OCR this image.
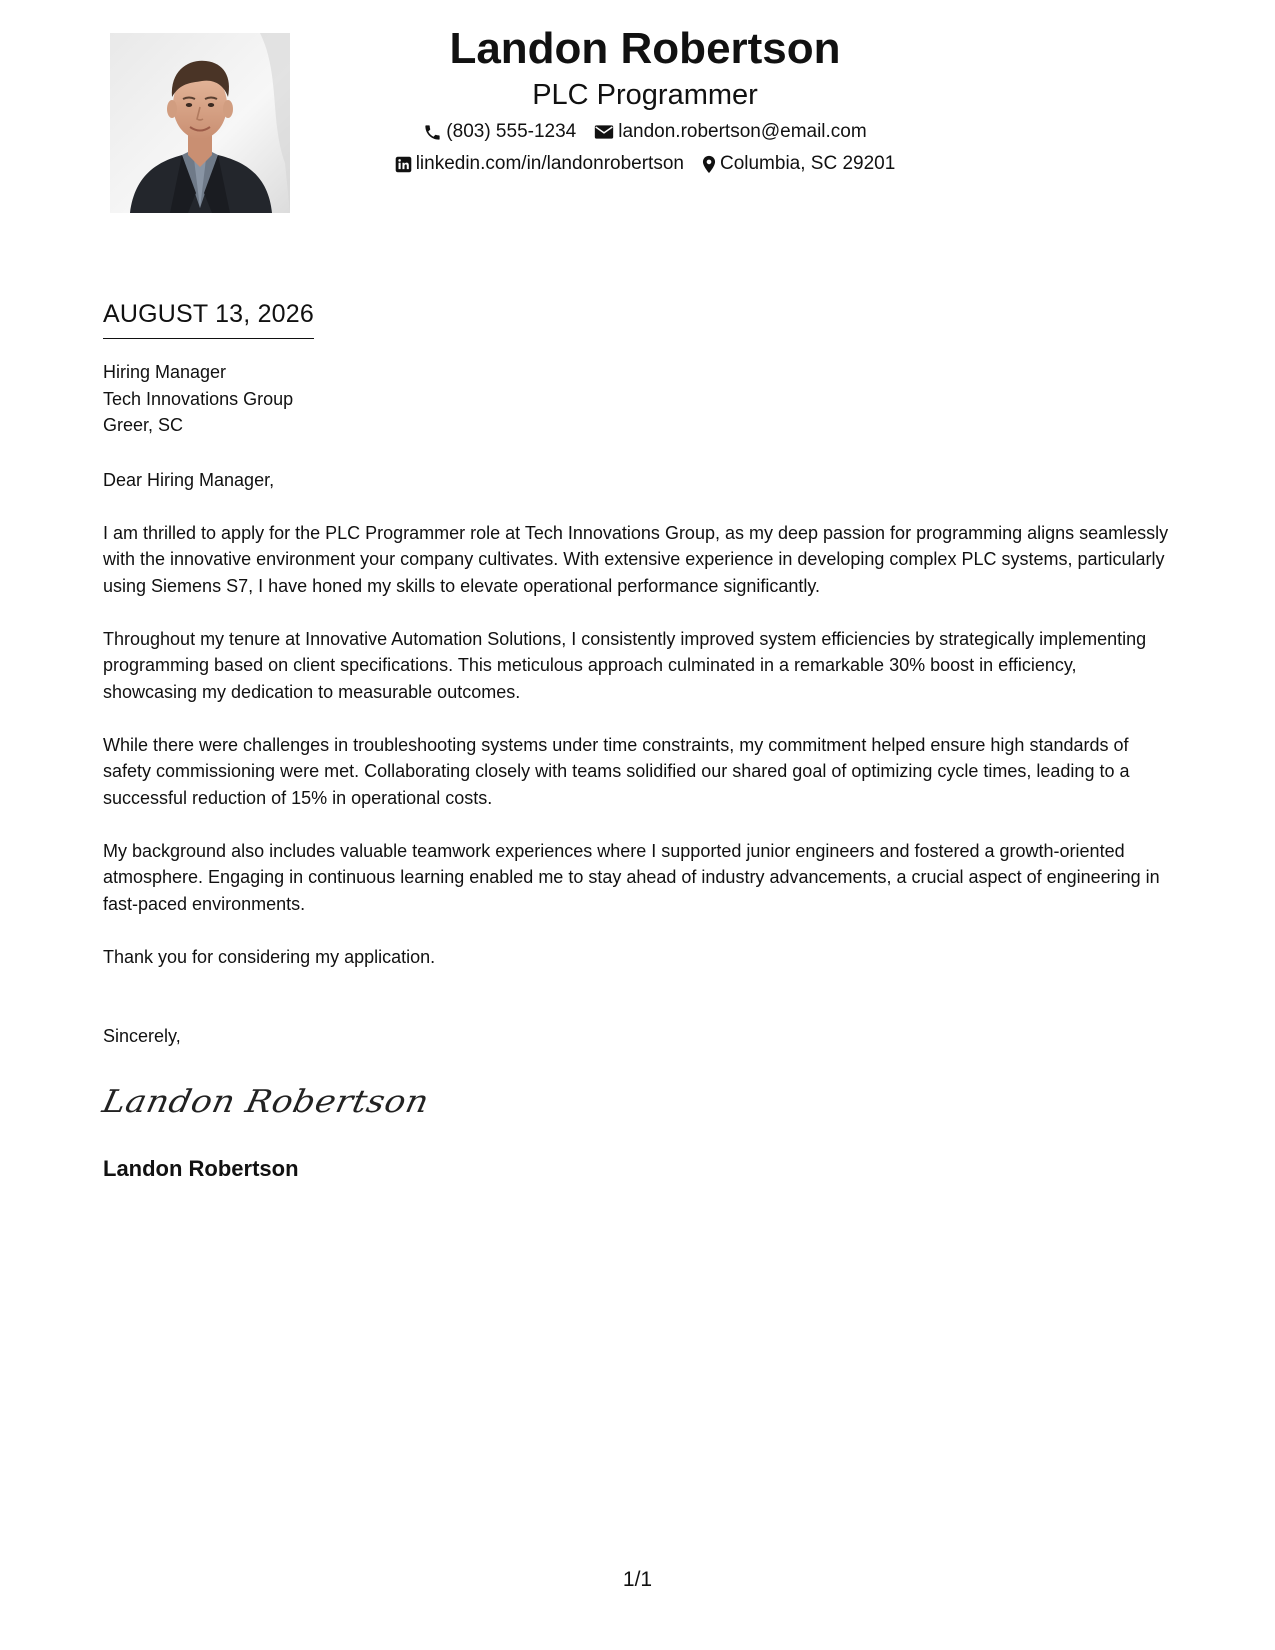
Landon Robertson
PLC Programmer
(803) 555-1234 landon.robertson@email.com
linkedin.com/in/landonrobertson Columbia, SC 29201
AUGUST 13, 2026
Hiring Manager
Tech Innovations Group
Greer, SC
Dear Hiring Manager,
I am thrilled to apply for the PLC Programmer role at Tech Innovations Group, as my deep passion for programming aligns seamlessly with the innovative environment your company cultivates. With extensive experience in developing complex PLC systems, particularly using Siemens S7, I have honed my skills to elevate operational performance significantly.
Throughout my tenure at Innovative Automation Solutions, I consistently improved system efficiencies by strategically implementing programming based on client specifications. This meticulous approach culminated in a remarkable 30% boost in efficiency, showcasing my dedication to measurable outcomes.
While there were challenges in troubleshooting systems under time constraints, my commitment helped ensure high standards of safety commissioning were met. Collaborating closely with teams solidified our shared goal of optimizing cycle times, leading to a successful reduction of 15% in operational costs.
My background also includes valuable teamwork experiences where I supported junior engineers and fostered a growth-oriented atmosphere. Engaging in continuous learning enabled me to stay ahead of industry advancements, a crucial aspect of engineering in fast-paced environments.
Thank you for considering my application.
Sincerely,
Landon Robertson
Landon Robertson
1/1
